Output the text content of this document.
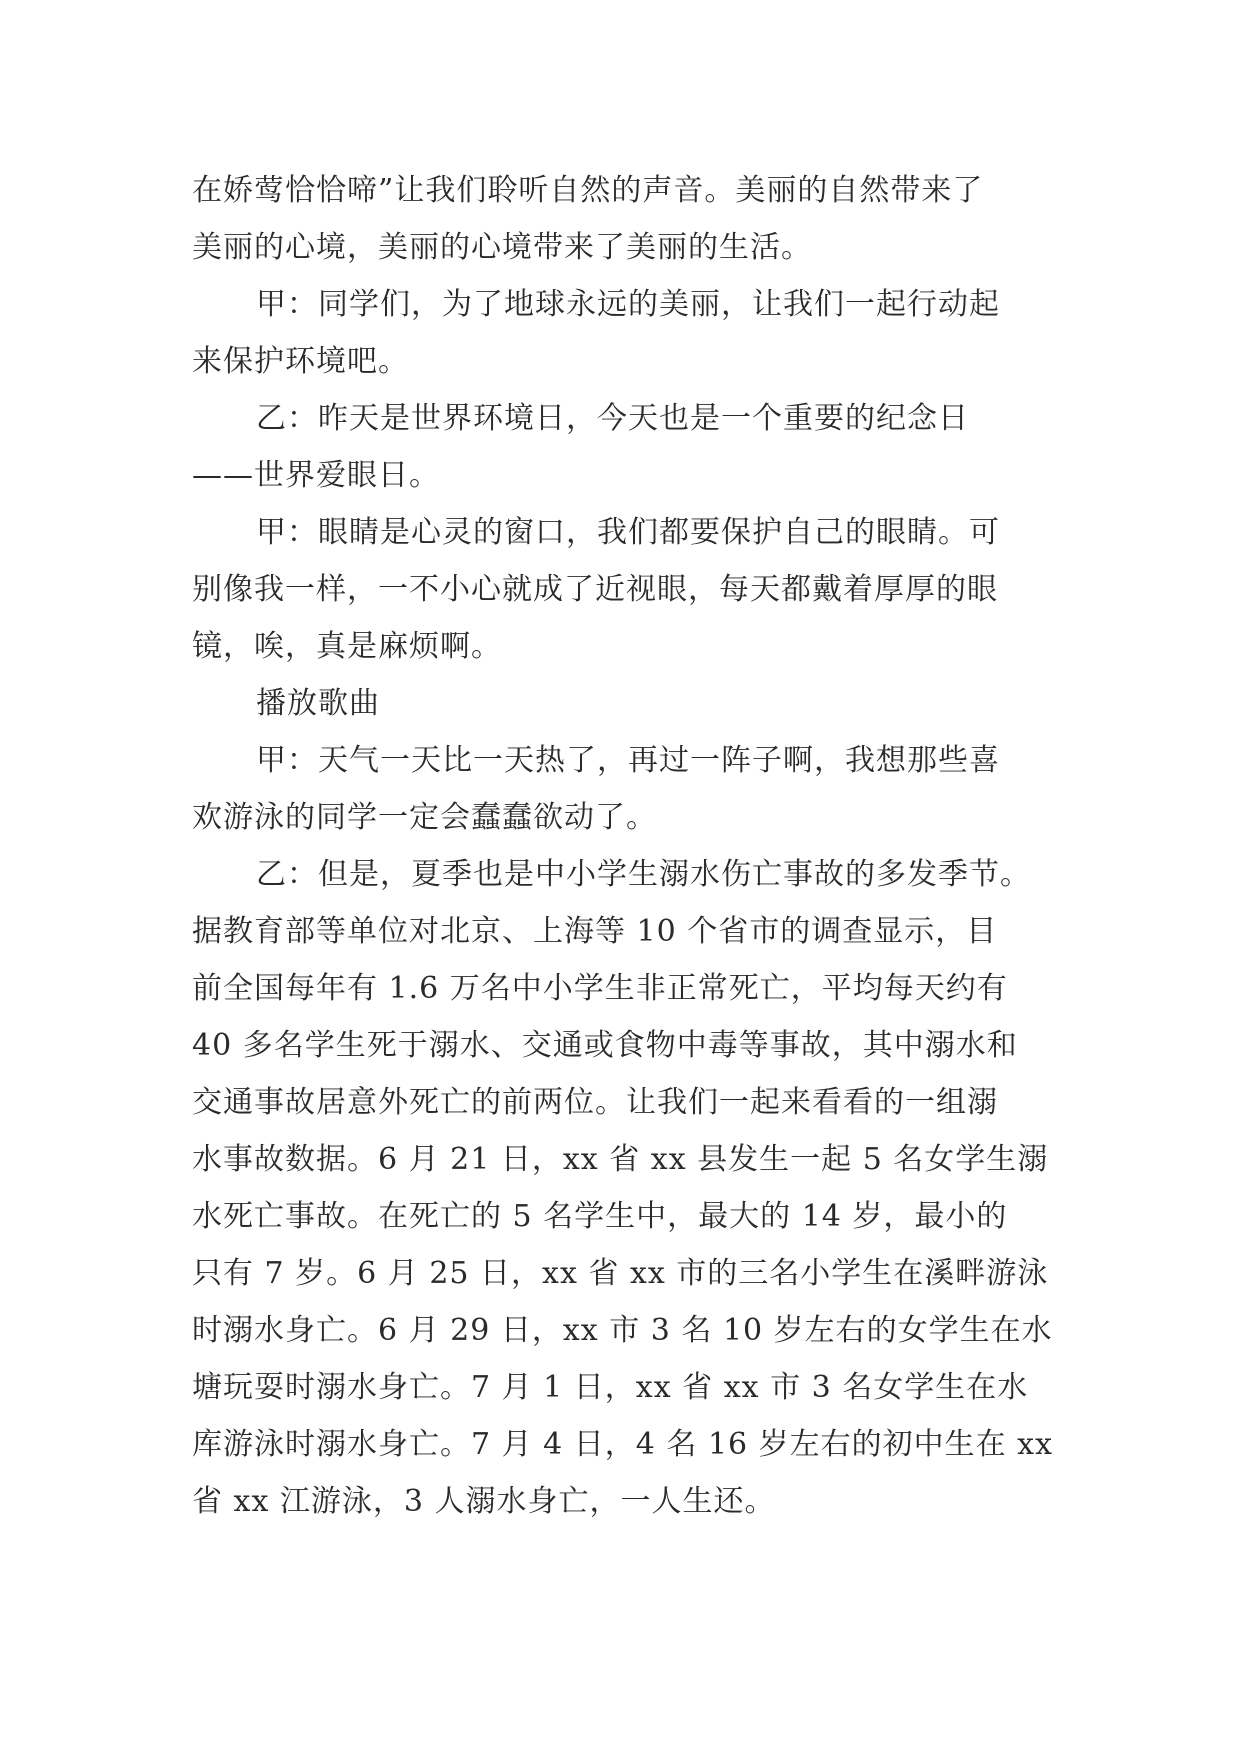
在娇莺恰恰啼”让我们聆听自然的声音。美丽的自然带来了
美丽的心境，美丽的心境带来了美丽的生活。
甲：同学们，为了地球永远的美丽，让我们一起行动起
来保护环境吧。
乙：昨天是世界环境日，今天也是一个重要的纪念日
——世界爱眼日。
甲：眼睛是心灵的窗口，我们都要保护自己的眼睛。可
别像我一样，一不小心就成了近视眼，每天都戴着厚厚的眼
镜，唉，真是麻烦啊。
播放歌曲
甲：天气一天比一天热了，再过一阵子啊，我想那些喜
欢游泳的同学一定会蠢蠢欲动了。
乙：但是，夏季也是中小学生溺水伤亡事故的多发季节。
据教育部等单位对北京、上海等 10 个省市的调查显示，目
前全国每年有 1.6 万名中小学生非正常死亡，平均每天约有
40 多名学生死于溺水、交通或食物中毒等事故，其中溺水和
交通事故居意外死亡的前两位。让我们一起来看看的一组溺
水事故数据。6 月 21 日，xx 省 xx 县发生一起 5 名女学生溺
水死亡事故。在死亡的 5 名学生中，最大的 14 岁，最小的
只有 7 岁。6 月 25 日，xx 省 xx 市的三名小学生在溪畔游泳
时溺水身亡。6 月 29 日，xx 市 3 名 10 岁左右的女学生在水
塘玩耍时溺水身亡。7 月 1 日，xx 省 xx 市 3 名女学生在水
库游泳时溺水身亡。7 月 4 日，4 名 16 岁左右的初中生在 xx
省 xx 江游泳，3 人溺水身亡，一人生还。
